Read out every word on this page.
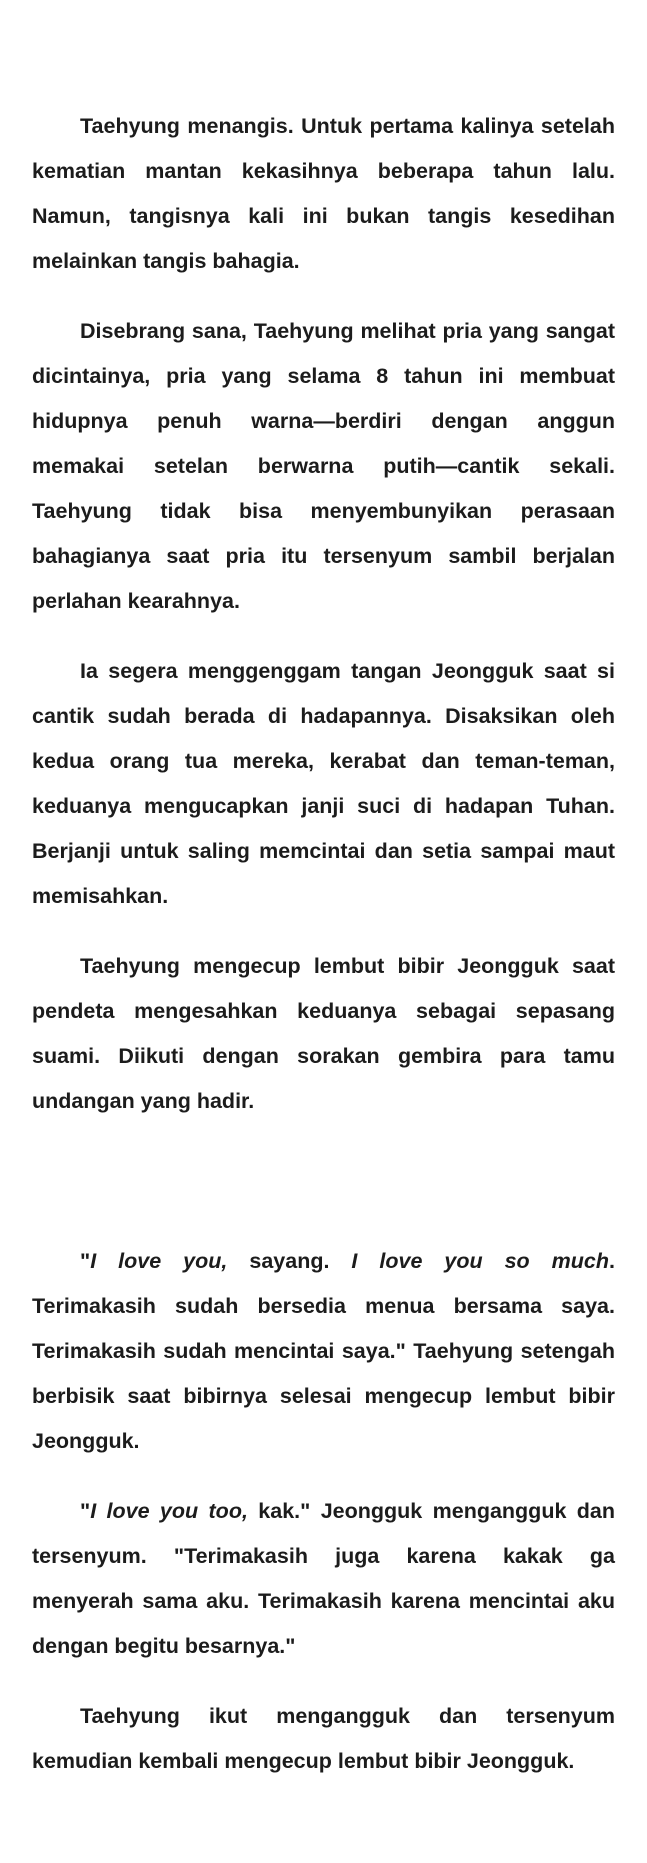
Taehyung menangis. Untuk pertama kalinya setelah kematian mantan kekasihnya beberapa tahun lalu. Namun, tangisnya kali ini bukan tangis kesedihan melainkan tangis bahagia.

Disebrang sana, Taehyung melihat pria yang sangat dicintainya, pria yang selama 8 tahun ini membuat hidupnya penuh warna—berdiri dengan anggun memakai setelan berwarna putih—cantik sekali. Taehyung tidak bisa menyembunyikan perasaan bahagianya saat pria itu tersenyum sambil berjalan perlahan kearahnya.

Ia segera menggenggam tangan Jeongguk saat si cantik sudah berada di hadapannya. Disaksikan oleh kedua orang tua mereka, kerabat dan teman-teman, keduanya mengucapkan janji suci di hadapan Tuhan. Berjanji untuk saling memcintai dan setia sampai maut memisahkan.

Taehyung mengecup lembut bibir Jeongguk saat pendeta mengesahkan keduanya sebagai sepasang suami. Diikuti dengan sorakan gembira para tamu undangan yang hadir.

"I love you, sayang. I love you so much. Terimakasih sudah bersedia menua bersama saya. Terimakasih sudah mencintai saya." Taehyung setengah berbisik saat bibirnya selesai mengecup lembut bibir Jeongguk.

"I love you too, kak." Jeongguk mengangguk dan tersenyum. "Terimakasih juga karena kakak ga menyerah sama aku. Terimakasih karena mencintai aku dengan begitu besarnya."

Taehyung ikut mengangguk dan tersenyum kemudian kembali mengecup lembut bibir Jeongguk.
